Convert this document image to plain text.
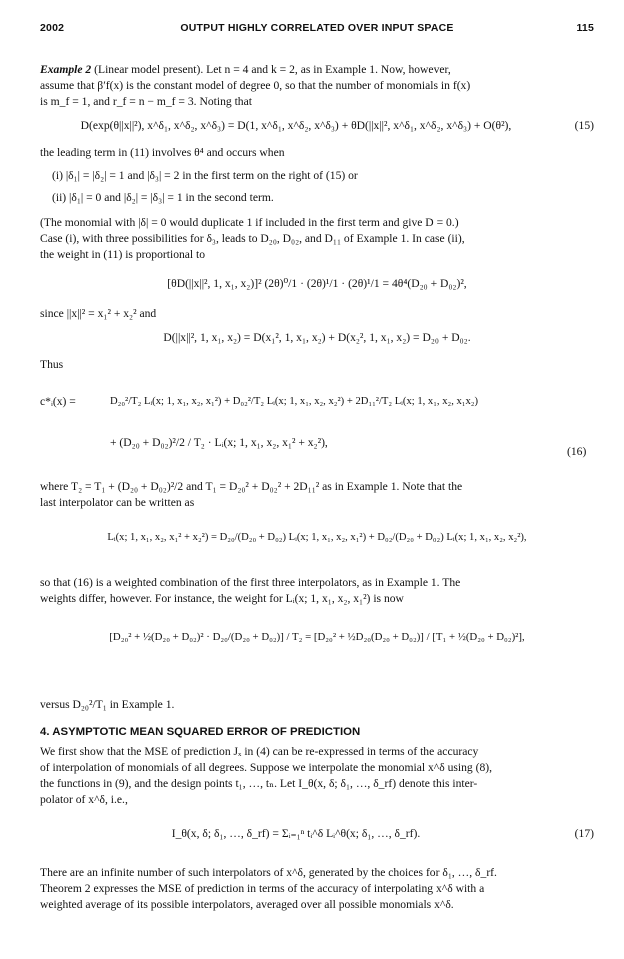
2002	OUTPUT HIGHLY CORRELATED OVER INPUT SPACE	115
Example 2 (Linear model present). Let n = 4 and k = 2, as in Example 1. Now, however,
assume that β′f(x) is the constant model of degree 0, so that the number of monomials in f(x)
is m_f = 1, and r_f = n − m_f = 3. Noting that
D(exp(θ||x||²), x^δ₁, x^δ₂, x^δ₃) = D(1, x^δ₁, x^δ₂, x^δ₃) + θD(||x||², x^δ₁, x^δ₂, x^δ₃) + O(θ²),	(15)
the leading term in (11) involves θ⁴ and occurs when
(i) |δ₁| = |δ₂| = 1 and |δ₃| = 2 in the first term on the right of (15) or
(ii) |δ₁| = 0 and |δ₂| = |δ₃| = 1 in the second term.
(The monomial with |δ| = 0 would duplicate 1 if included in the first term and give D = 0.)
Case (i), with three possibilities for δ₃, leads to D₂₀, D₀₂, and D₁₁ of Example 1. In case (ii),
the weight in (11) is proportional to
[θD(||x||², 1, x₁, x₂)]² (2θ)⁰/1 · (2θ)¹/1 · (2θ)¹/1 = 4θ⁴(D₂₀ + D₀₂)²,
since ||x||² = x₁² + x₂² and
D(||x||², 1, x₁, x₂) = D(x₁², 1, x₁, x₂) + D(x₂², 1, x₁, x₂) = D₂₀ + D₀₂.
Thus
c*ᵢ(x) =	D₂₀²/T₂ Lᵢ(x; 1, x₁, x₂, x₁²) + D₀₂²/T₂ Lᵢ(x; 1, x₁, x₂, x₂²) + 2D₁₁²/T₂ Lᵢ(x; 1, x₁, x₂, x₁x₂)
+ (D₂₀ + D₀₂)²/2 / T₂ · Lᵢ(x; 1, x₁, x₂, x₁² + x₂²),
(16)
where T₂ = T₁ + (D₂₀ + D₀₂)²/2 and T₁ = D₂₀² + D₀₂² + 2D₁₁² as in Example 1. Note that the
last interpolator can be written as
Lᵢ(x; 1, x₁, x₂, x₁² + x₂²) = D₂₀/(D₂₀ + D₀₂) Lᵢ(x; 1, x₁, x₂, x₁²) + D₀₂/(D₂₀ + D₀₂) Lᵢ(x; 1, x₁, x₂, x₂²),
so that (16) is a weighted combination of the first three interpolators, as in Example 1. The
weights differ, however. For instance, the weight for Lᵢ(x; 1, x₁, x₂, x₁²) is now
[D₂₀² + ½(D₂₀ + D₀₂)² · D₂₀/(D₂₀ + D₀₂)] / T₂ = [D₂₀² + ½D₂₀(D₂₀ + D₀₂)] / [T₁ + ½(D₂₀ + D₀₂)²],
versus D₂₀²/T₁ in Example 1.
4. ASYMPTOTIC MEAN SQUARED ERROR OF PREDICTION
We first show that the MSE of prediction Jₓ in (4) can be re-expressed in terms of the accuracy
of interpolation of monomials of all degrees. Suppose we interpolate the monomial x^δ using (8),
the functions in (9), and the design points t₁, …, tₙ. Let I_θ(x, δ; δ₁, …, δ_rf) denote this inter-
polator of x^δ, i.e.,
I_θ(x, δ; δ₁, …, δ_rf) = Σᵢ₌₁ⁿ tᵢ^δ Lᵢ^θ(x; δ₁, …, δ_rf).	(17)
There are an infinite number of such interpolators of x^δ, generated by the choices for δ₁, …, δ_rf.
Theorem 2 expresses the MSE of prediction in terms of the accuracy of interpolating x^δ with a
weighted average of its possible interpolators, averaged over all possible monomials x^δ.
